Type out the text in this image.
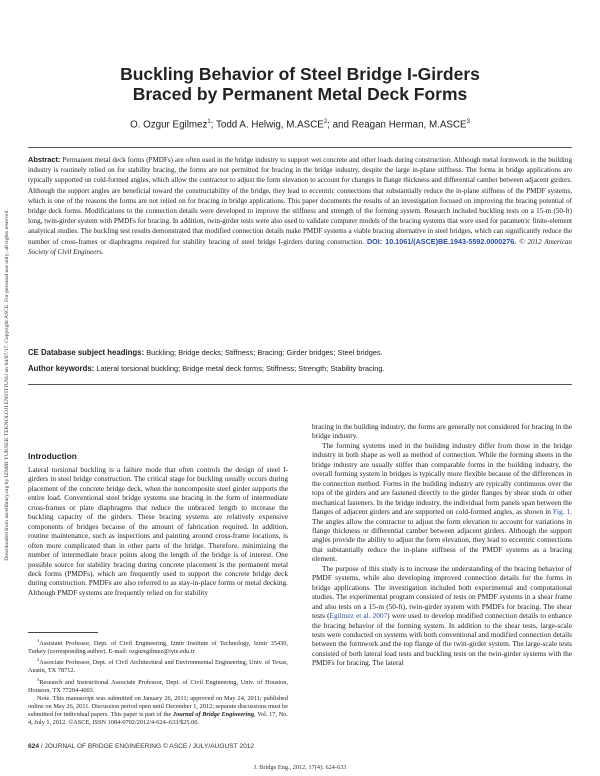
Downloaded from ascelibrary.org by IZMIR YUKSEK TEKNOLOJI ENSTITUSU on 04/07/17. Copyright ASCE. For personal use only; all rights reserved.
Buckling Behavior of Steel Bridge I-Girders
Braced by Permanent Metal Deck Forms
O. Ozgur Egilmez$^1$; Todd A. Helwig, M.ASCE$^2$; and Reagan Herman, M.ASCE$^3$
Abstract: Permanent metal deck forms (PMDFs) are often used in the bridge industry to support wet concrete and other loads during construction. Although metal formwork in the building industry is routinely relied on for stability bracing, the forms are not permitted for bracing in the bridge industry, despite the large in-plane stiffness. The forms in bridge applications are typically supported on cold-formed angles, which allow the contractor to adjust the form elevation to account for changes in flange thickness and differential camber between adjacent girders. Although the support angles are beneficial toward the constructability of the bridge, they lead to eccentric connections that substantially reduce the in-plane stiffness of the PMDF systems, which is one of the reasons the forms are not relied on for bracing in bridge applications. This paper documents the results of an investigation focused on improving the bracing potential of bridge deck forms. Modifications to the connection details were developed to improve the stiffness and strength of the forming system. Research included buckling tests on a 15-m (50-ft) long, twin-girder system with PMDFs for bracing. In addition, twin-girder tests were also used to validate computer models of the bracing systems that were used for parametric finite-element analytical studies. The buckling test results demonstrated that modified connection details make PMDF systems a viable bracing alternative in steel bridges, which can significantly reduce the number of cross-frames or diaphragms required for stability bracing of steel bridge I-girders during construction. DOI: 10.1061/(ASCE)BE.1943-5592.0000276. © 2012 American Society of Civil Engineers.
CE Database subject headings: Buckling; Bridge decks; Stiffness; Bracing; Girder bridges; Steel bridges.
Author keywords: Lateral torsional buckling; Bridge metal deck forms; Stiffness; Strength; Stability bracing.
Introduction

Lateral torsional buckling is a failure mode that often controls the design of steel I-girders in steel bridge construction. The critical stage for buckling usually occurs during placement of the concrete bridge deck, when the noncomposite steel girder supports the entire load. Conventional steel bridge systems use bracing in the form of intermediate cross-frames or plate diaphragms that reduce the unbraced length to increase the buckling capacity of the girders. These bracing systems are relatively expensive components of bridges because of the amount of fabrication required. In addition, routine maintenance, such as inspections and painting around cross-frame locations, is often more complicated than in other parts of the bridge. Therefore, minimizing the number of intermediate brace points along the length of the bridge is of interest. One possible source for stability bracing during concrete placement is the permanent metal deck forms (PMDFs), which are frequently used to support the concrete bridge deck during construction. PMDFs are also referred to as stay-in-place forms or metal decking. Although PMDF systems are frequently relied on for stability

$^1$Assistant Professor, Dept. of Civil Engineering, Izmir Institute of Technology, Izmir 35430, Turkey (corresponding author). E-mail: ozguregilmez@iyte.edu.tr

$^2$Associate Professor, Dept. of Civil Architectural and Environmental Engineering, Univ. of Texas, Austin, TX 78712.

$^3$Research and Instructional Associate Professor, Dept. of Civil Engineering, Univ. of Houston, Houston, TX 77204-4003.

Note. This manuscript was submitted on January 26, 2011; approved on May 24, 2011; published online on May 26, 2011. Discussion period open until December 1, 2012; separate discussions must be submitted for individual papers. This paper is part of the Journal of Bridge Engineering, Vol. 17, No. 4, July 1, 2012. ©ASCE, ISSN 1084-0702/2012/4-624–633/$25.00.

bracing in the building industry, the forms are generally not considered for bracing in the bridge industry.

The forming systems used in the building industry differ from those in the bridge industry in both shape as well as method of connection. While the forming sheets in the bridge industry are usually stiffer than comparable forms in the building industry, the overall forming system in bridges is typically more flexible because of the differences in the connection method. Forms in the building industry are typically continuous over the tops of the girders and are fastened directly to the girder flanges by shear studs or other mechanical fasteners. In the bridge industry, the individual form panels span between the flanges of adjacent girders and are supported on cold-formed angles, as shown in Fig. 1. The angles allow the contractor to adjust the form elevation to account for variations in flange thickness or differential camber between adjacent girders. Although the support angles provide the ability to adjust the form elevation, they lead to eccentric connections that substantially reduce the in-plane stiffness of the PMDF systems as a bracing element.

The purpose of this study is to increase the understanding of the bracing behavior of PMDF systems, while also developing improved connection details for the forms in bridge applications. The investigation included both experimental and computational studies. The experimental program consisted of tests on PMDF systems in a shear frame and also tests on a 15-m (50-ft), twin-girder system with PMDFs for bracing. The shear tests (Egilmez et al. 2007) were used to develop modified connection details to enhance the bracing behavior of the forming system. In addition to the shear tests, large-scale tests were conducted on systems with both conventional and modified connection details between the formwork and the top flange of the twin-girder system. The large-scale tests consisted of both lateral load tests and buckling tests on the twin-girder systems with the PMDFs for bracing. The lateral

624 / JOURNAL OF BRIDGE ENGINEERING © ASCE / JULY/AUGUST 2012
J. Bridge Eng., 2012, 17(4): 624-633
